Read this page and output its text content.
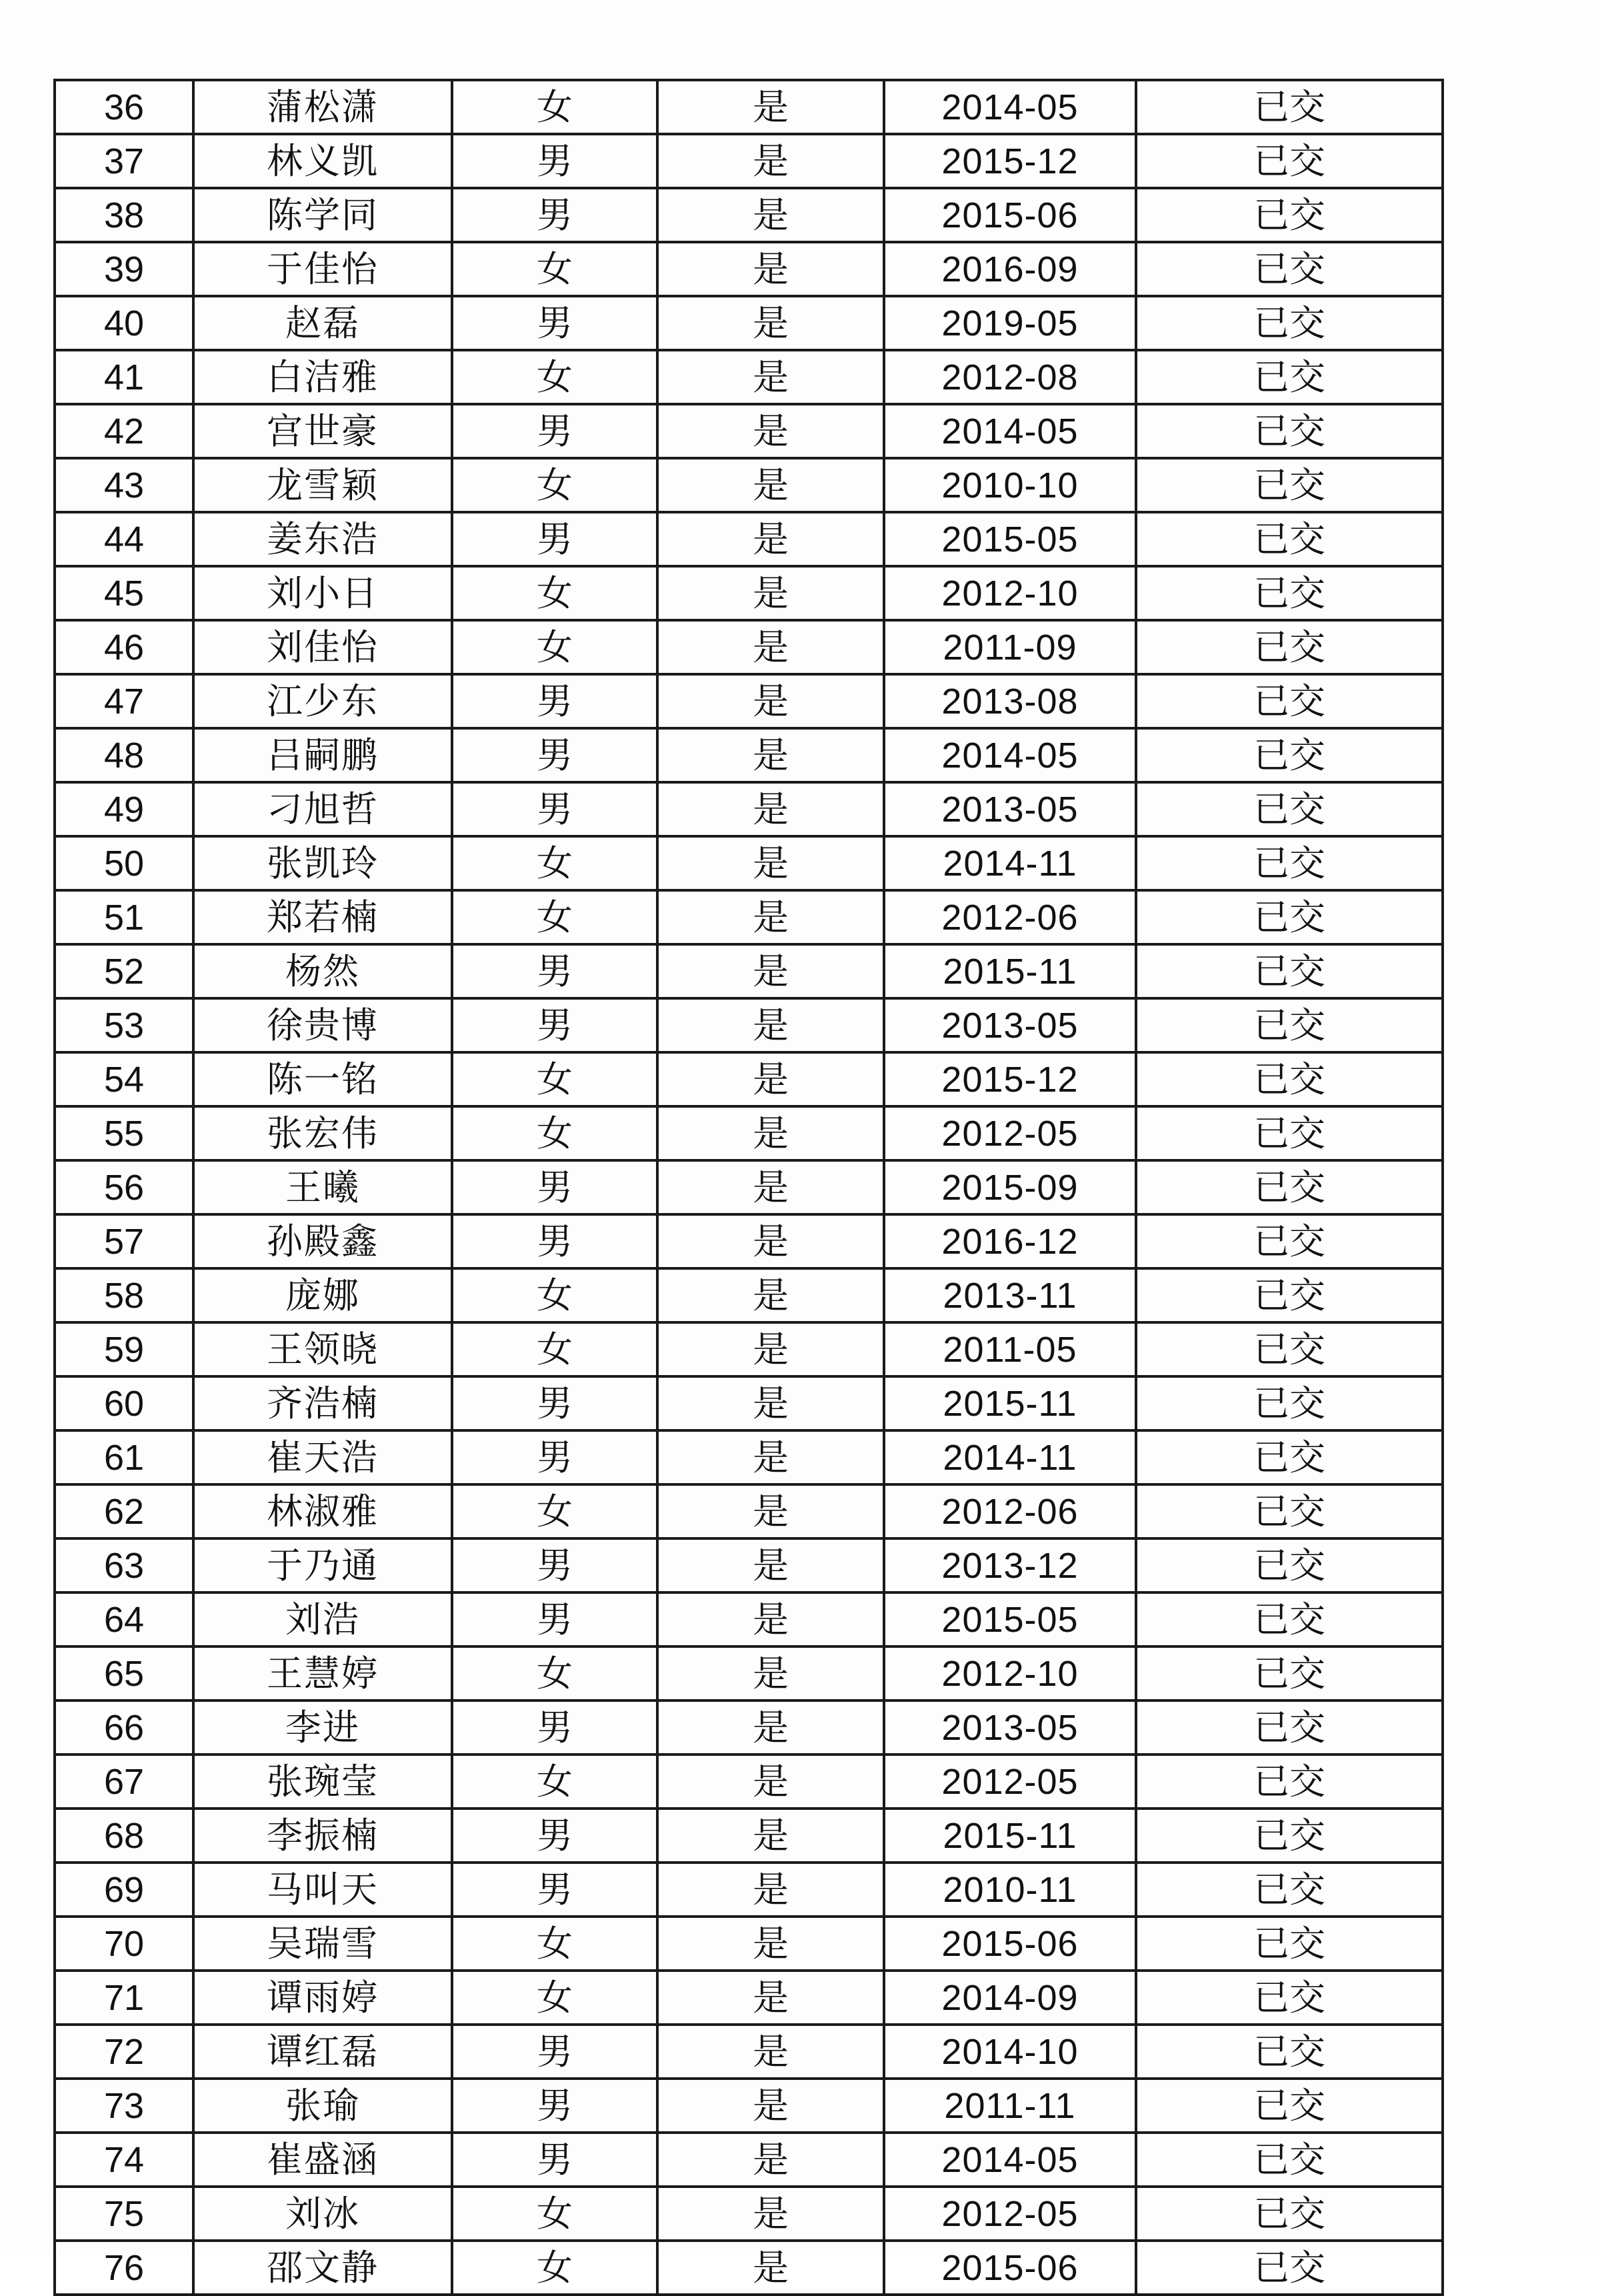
36	蒲松潇	女	是	2014-05	已交
37	林义凯	男	是	2015-12	已交
38	陈学同	男	是	2015-06	已交
39	于佳怡	女	是	2016-09	已交
40	赵磊	男	是	2019-05	已交
41	白洁雅	女	是	2012-08	已交
42	宫世豪	男	是	2014-05	已交
43	龙雪颖	女	是	2010-10	已交
44	姜东浩	男	是	2015-05	已交
45	刘小日	女	是	2012-10	已交
46	刘佳怡	女	是	2011-09	已交
47	江少东	男	是	2013-08	已交
48	吕嗣鹏	男	是	2014-05	已交
49	刁旭哲	男	是	2013-05	已交
50	张凯玲	女	是	2014-11	已交
51	郑若楠	女	是	2012-06	已交
52	杨然	男	是	2015-11	已交
53	徐贵博	男	是	2013-05	已交
54	陈一铭	女	是	2015-12	已交
55	张宏伟	女	是	2012-05	已交
56	王曦	男	是	2015-09	已交
57	孙殿鑫	男	是	2016-12	已交
58	庞娜	女	是	2013-11	已交
59	王领晓	女	是	2011-05	已交
60	齐浩楠	男	是	2015-11	已交
61	崔天浩	男	是	2014-11	已交
62	林淑雅	女	是	2012-06	已交
63	于乃通	男	是	2013-12	已交
64	刘浩	男	是	2015-05	已交
65	王慧婷	女	是	2012-10	已交
66	李进	男	是	2013-05	已交
67	张琬莹	女	是	2012-05	已交
68	李振楠	男	是	2015-11	已交
69	马叫天	男	是	2010-11	已交
70	吴瑞雪	女	是	2015-06	已交
71	谭雨婷	女	是	2014-09	已交
72	谭红磊	男	是	2014-10	已交
73	张瑜	男	是	2011-11	已交
74	崔盛涵	男	是	2014-05	已交
75	刘冰	女	是	2012-05	已交
76	邵文静	女	是	2015-06	已交
